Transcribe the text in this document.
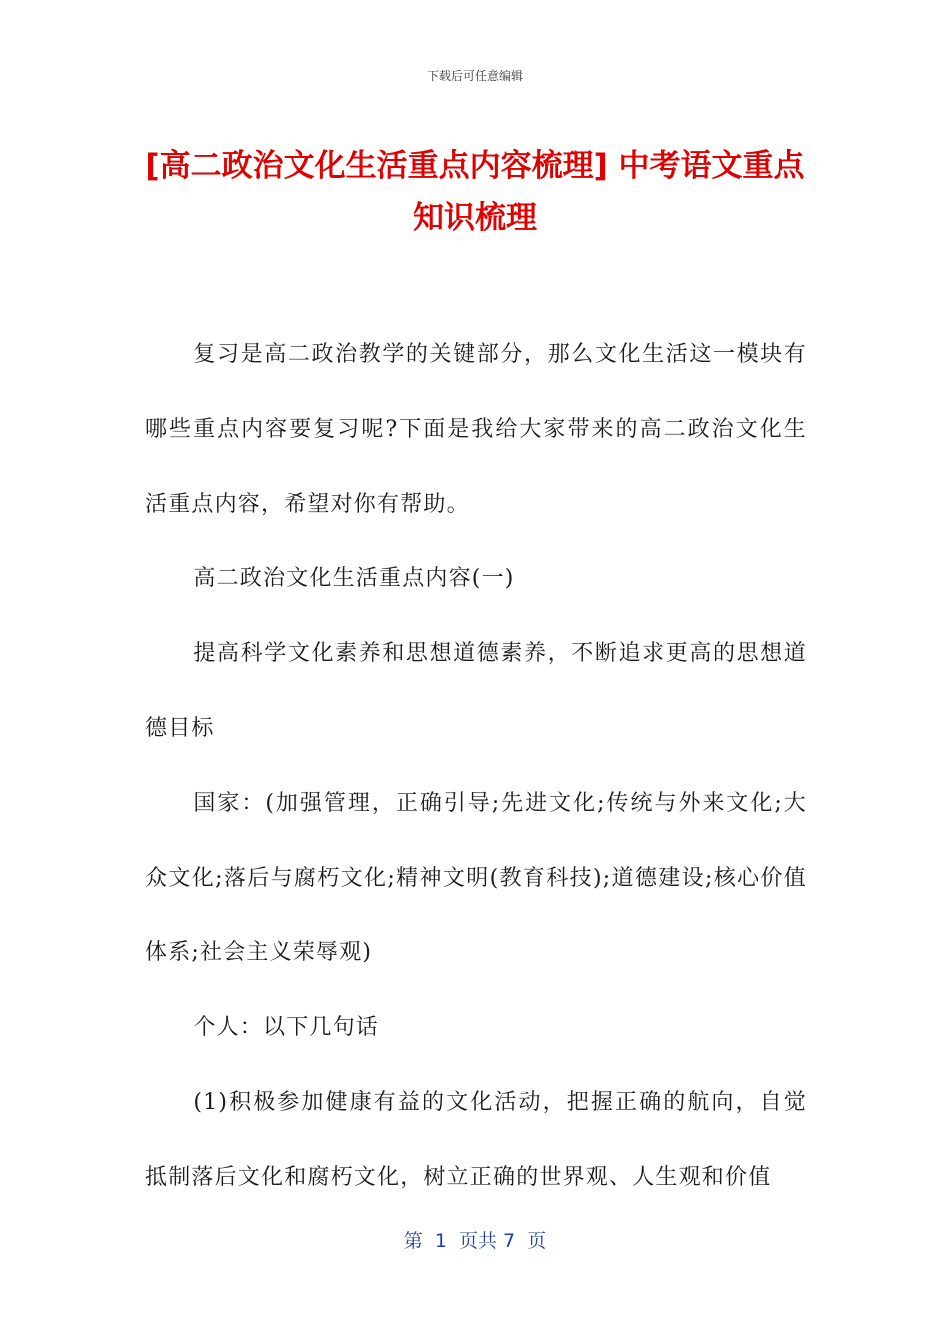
下载后可任意编辑
[高二政治文化生活重点内容梳理] 中考语文重点知识梳理

复习是高二政治教学的关键部分，那么文化生活这一模块有哪些重点内容要复习呢?下面是我给大家带来的高二政治文化生活重点内容，希望对你有帮助。

高二政治文化生活重点内容(一)

提高科学文化素养和思想道德素养，不断追求更高的思想道德目标

国家：(加强管理，正确引导;先进文化;传统与外来文化;大众文化;落后与腐朽文化;精神文明(教育科技);道德建设;核心价值体系;社会主义荣辱观)

个人：以下几句话

(1)积极参加健康有益的文化活动，把握正确的航向，自觉抵制落后文化和腐朽文化，树立正确的世界观、人生观和价值

第  1  页共 7  页
